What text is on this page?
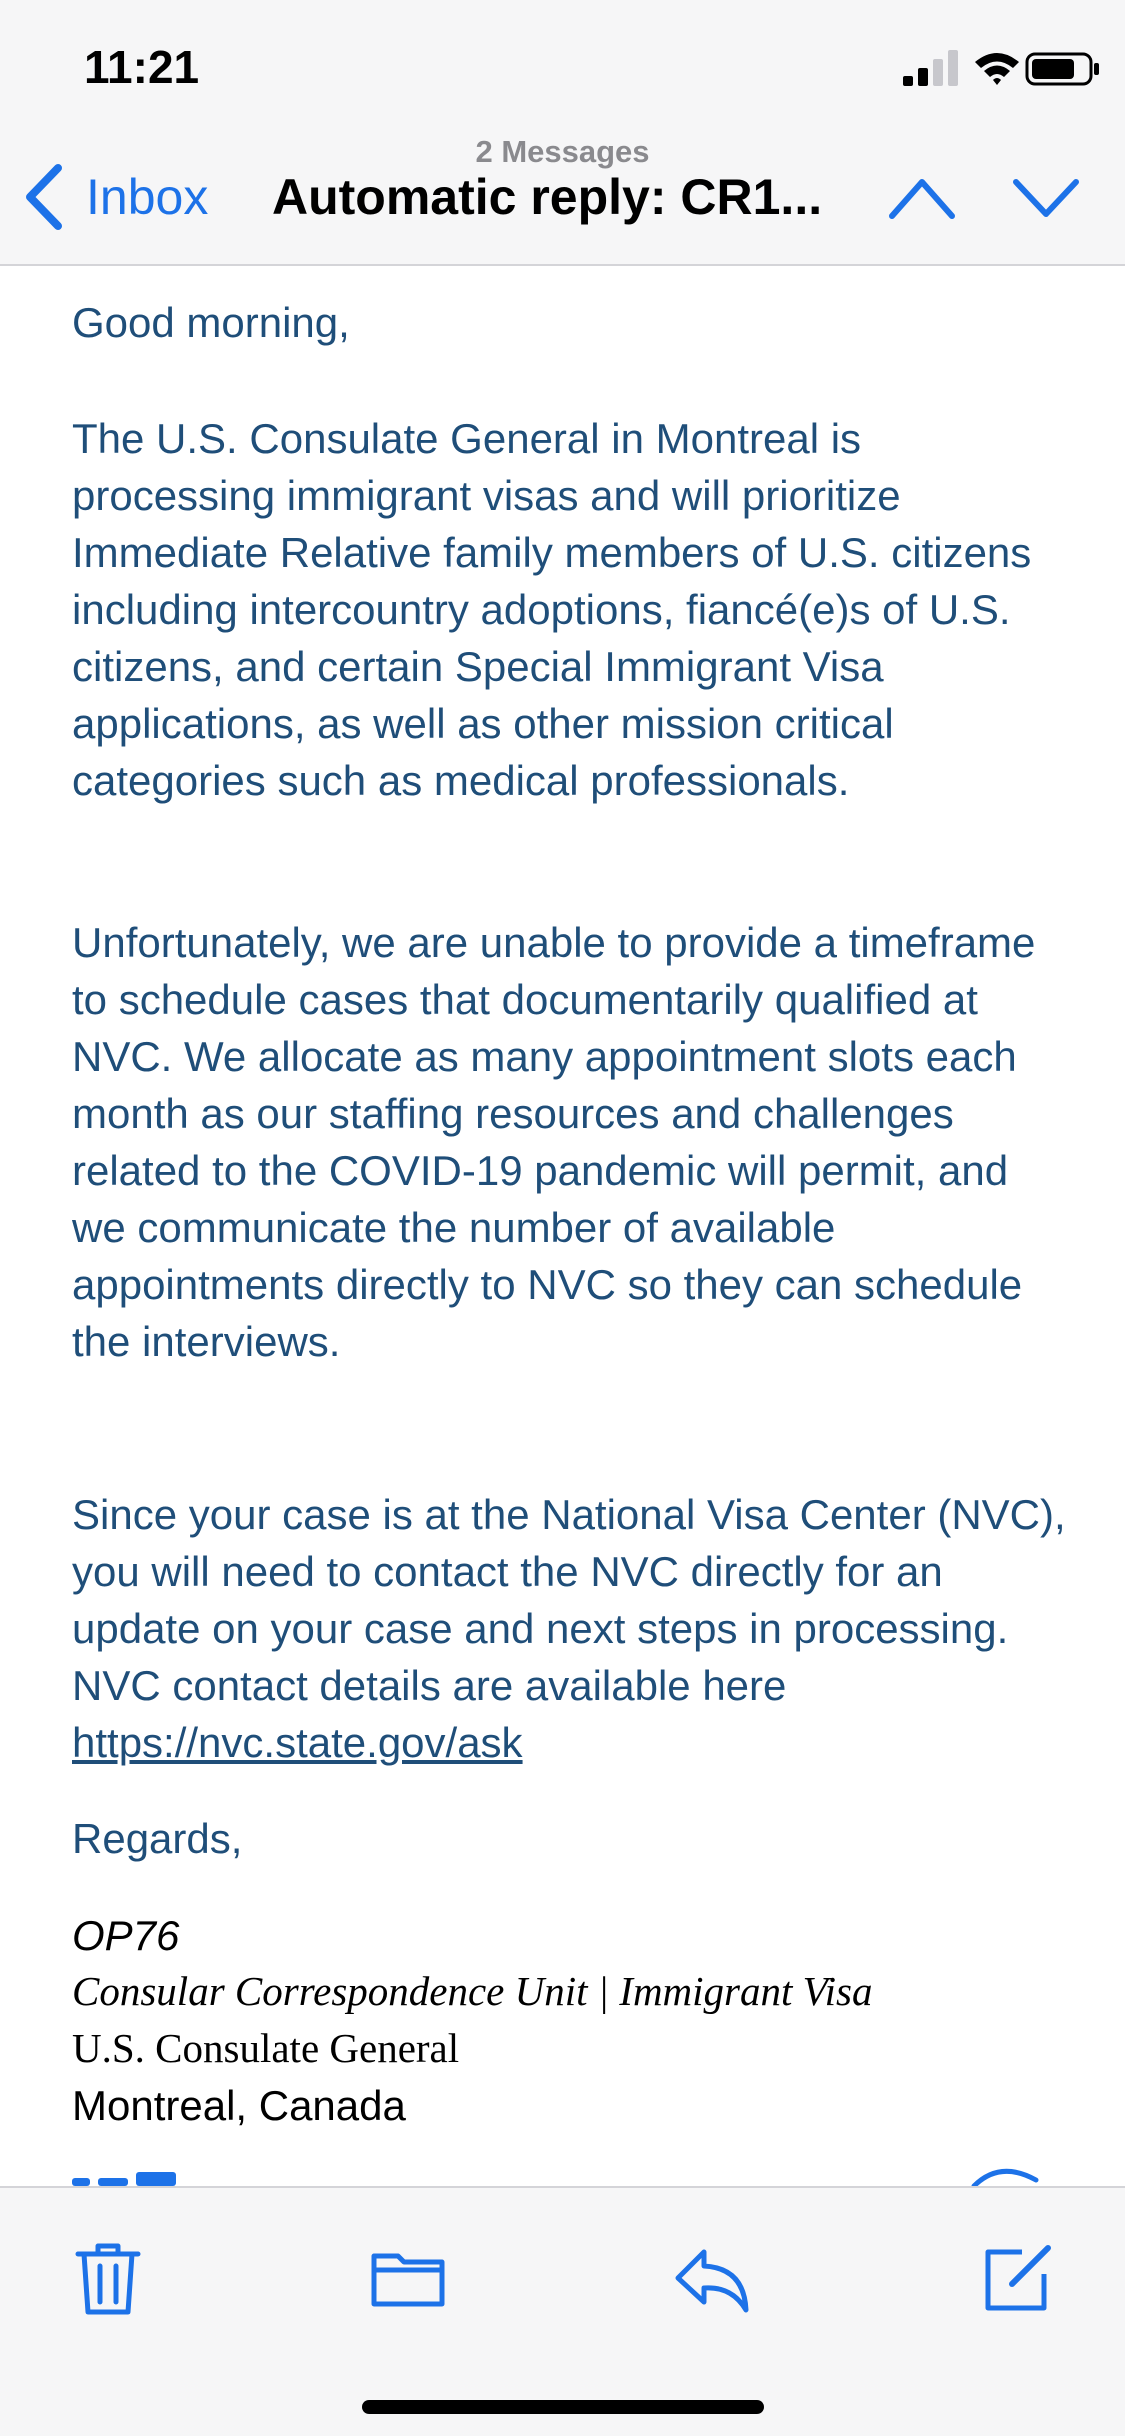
11:21
Inbox
2 Messages
Automatic reply: CR1...

Good morning,

The U.S. Consulate General in Montreal is processing immigrant visas and will prioritize Immediate Relative family members of U.S. citizens including intercountry adoptions, fiancé(e)s of U.S. citizens, and certain Special Immigrant Visa applications, as well as other mission critical categories such as medical professionals.

Unfortunately, we are unable to provide a timeframe to schedule cases that documentarily qualified at NVC. We allocate as many appointment slots each month as our staffing resources and challenges related to the COVID-19 pandemic will permit, and we communicate the number of available appointments directly to NVC so they can schedule the interviews.

Since your case is at the National Visa Center (NVC), you will need to contact the NVC directly for an update on your case and next steps in processing. NVC contact details are available here https://nvc.state.gov/ask

Regards,

OP76
Consular Correspondence Unit | Immigrant Visa
U.S. Consulate General
Montreal, Canada
